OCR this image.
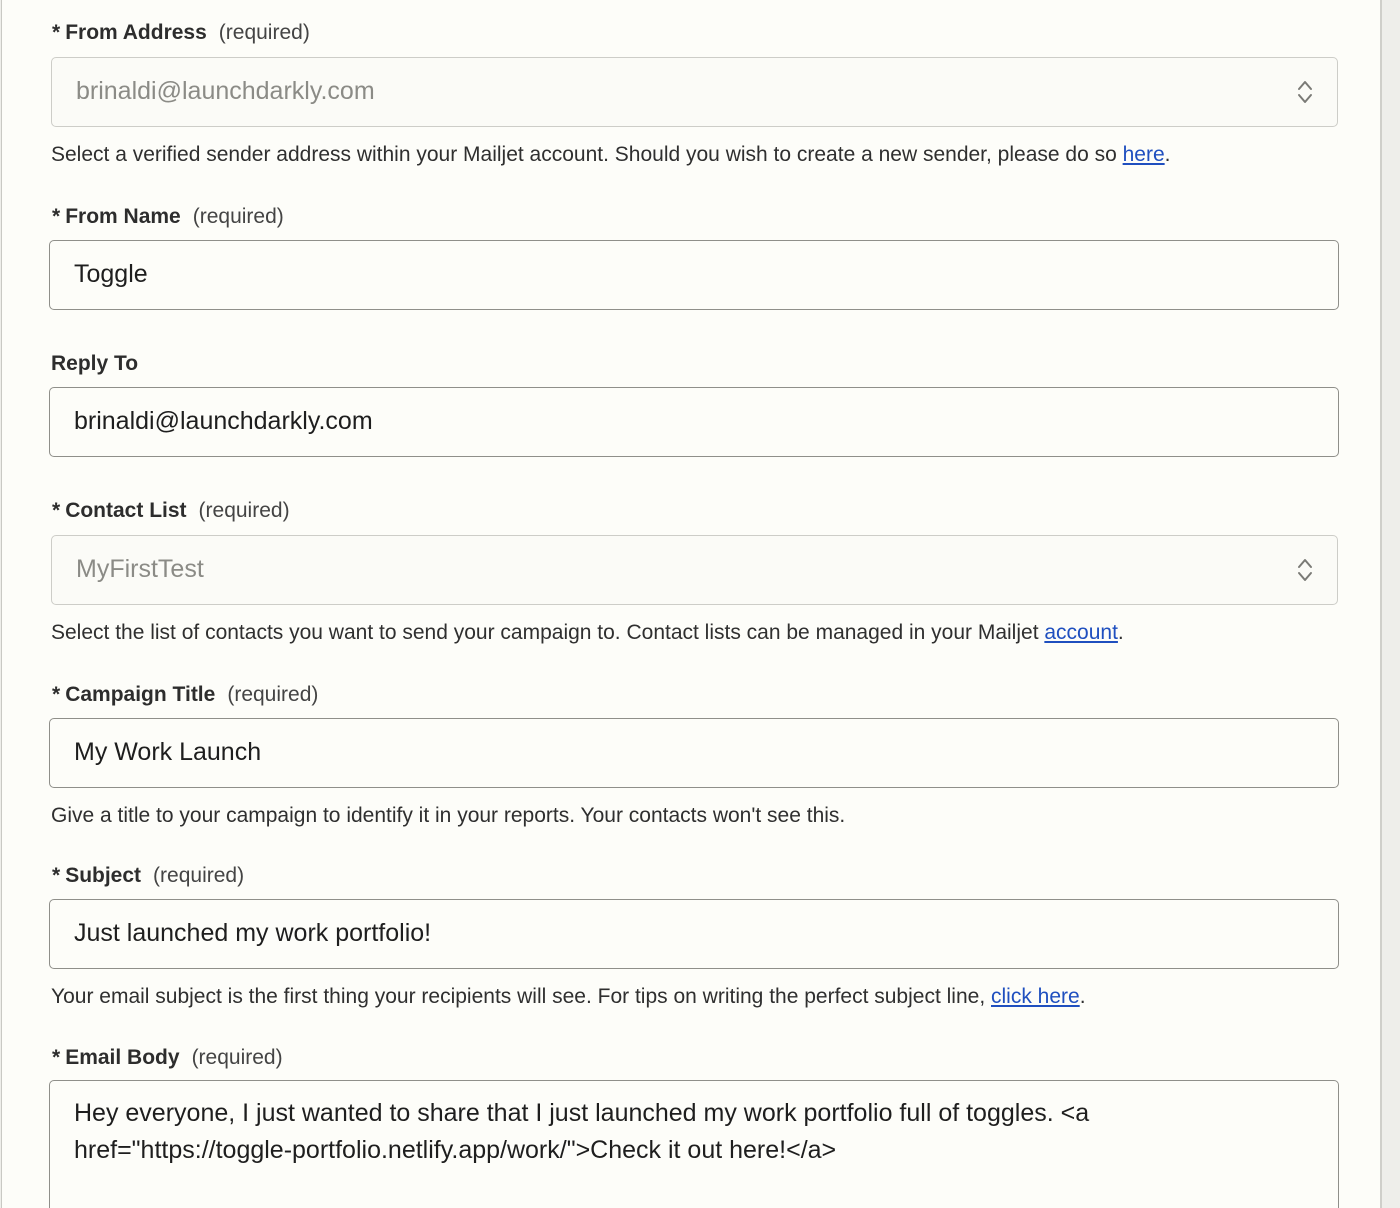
* From Address (required)
brinaldi@launchdarkly.com
Select a verified sender address within your Mailjet account. Should you wish to create a new sender, please do so here.
* From Name (required)
Toggle
Reply To
brinaldi@launchdarkly.com
* Contact List (required)
MyFirstTest
Select the list of contacts you want to send your campaign to. Contact lists can be managed in your Mailjet account.
* Campaign Title (required)
My Work Launch
Give a title to your campaign to identify it in your reports. Your contacts won't see this.
* Subject (required)
Just launched my work portfolio!
Your email subject is the first thing your recipients will see. For tips on writing the perfect subject line, click here.
* Email Body (required)
Hey everyone, I just wanted to share that I just launched my work portfolio full of toggles. <a href="https://toggle-portfolio.netlify.app/work/">Check it out here!</a>
